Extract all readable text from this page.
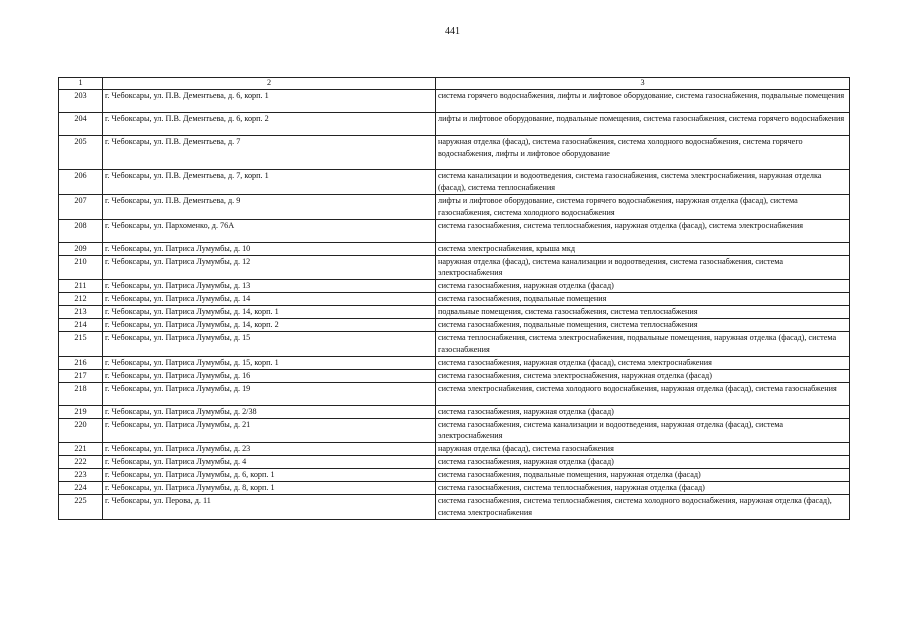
441
1	2	3
203	г. Чебоксары, ул. П.В. Дементьева, д. 6, корп. 1	система горячего водоснабжения, лифты и лифтовое оборудование, система газоснабжения, подвальные помещения
204	г. Чебоксары, ул. П.В. Дементьева, д. 6, корп. 2	лифты и лифтовое оборудование, подвальные помещения, система газоснабжения, система горячего водоснабжения
205	г. Чебоксары, ул. П.В. Дементьева, д. 7	наружная отделка (фасад), система газоснабжения, система холодного водоснабжения, система горячего водоснабжения, лифты и лифтовое оборудование
206	г. Чебоксары, ул. П.В. Дементьева, д. 7, корп. 1	система канализации и водоотведения, система газоснабжения, система электроснабжения, наружная отделка (фасад), система теплоснабжения
207	г. Чебоксары, ул. П.В. Дементьева, д. 9	лифты и лифтовое оборудование, система горячего водоснабжения, наружная отделка (фасад), система газоснабжения, система холодного водоснабжения
208	г. Чебоксары, ул. Пархоменко, д. 76А	система газоснабжения, система теплоснабжения, наружная отделка (фасад), система электроснабжения
209	г. Чебоксары, ул. Патриса Лумумбы, д. 10	система электроснабжения, крыша мкд
210	г. Чебоксары, ул. Патриса Лумумбы, д. 12	наружная отделка (фасад), система канализации и водоотведения, система газоснабжения, система электроснабжения
211	г. Чебоксары, ул. Патриса Лумумбы, д. 13	система газоснабжения, наружная отделка (фасад)
212	г. Чебоксары, ул. Патриса Лумумбы, д. 14	система газоснабжения, подвальные помещения
213	г. Чебоксары, ул. Патриса Лумумбы, д. 14, корп. 1	подвальные помещения, система газоснабжения, система теплоснабжения
214	г. Чебоксары, ул. Патриса Лумумбы, д. 14, корп. 2	система газоснабжения, подвальные помещения, система теплоснабжения
215	г. Чебоксары, ул. Патриса Лумумбы, д. 15	система теплоснабжения, система электроснабжения, подвальные помещения, наружная отделка (фасад), система газоснабжения
216	г. Чебоксары, ул. Патриса Лумумбы, д. 15, корп. 1	система газоснабжения, наружная отделка (фасад), система электроснабжения
217	г. Чебоксары, ул. Патриса Лумумбы, д. 16	система газоснабжения, система электроснабжения, наружная отделка (фасад)
218	г. Чебоксары, ул. Патриса Лумумбы, д. 19	система электроснабжения, система холодного водоснабжения, наружная отделка (фасад), система газоснабжения
219	г. Чебоксары, ул. Патриса Лумумбы, д. 2/38	система газоснабжения, наружная отделка (фасад)
220	г. Чебоксары, ул. Патриса Лумумбы, д. 21	система газоснабжения, система канализации и водоотведения, наружная отделка (фасад), система электроснабжения
221	г. Чебоксары, ул. Патриса Лумумбы, д. 23	наружная отделка (фасад), система газоснабжения
222	г. Чебоксары, ул. Патриса Лумумбы, д. 4	система газоснабжения, наружная отделка (фасад)
223	г. Чебоксары, ул. Патриса Лумумбы, д. 6, корп. 1	система газоснабжения, подвальные помещения, наружная отделка (фасад)
224	г. Чебоксары, ул. Патриса Лумумбы, д. 8, корп. 1	система газоснабжения, система теплоснабжения, наружная отделка (фасад)
225	г. Чебоксары, ул. Перова, д. 11	система газоснабжения, система теплоснабжения, система холодного водоснабжения, наружная отделка (фасад), система электроснабжения
